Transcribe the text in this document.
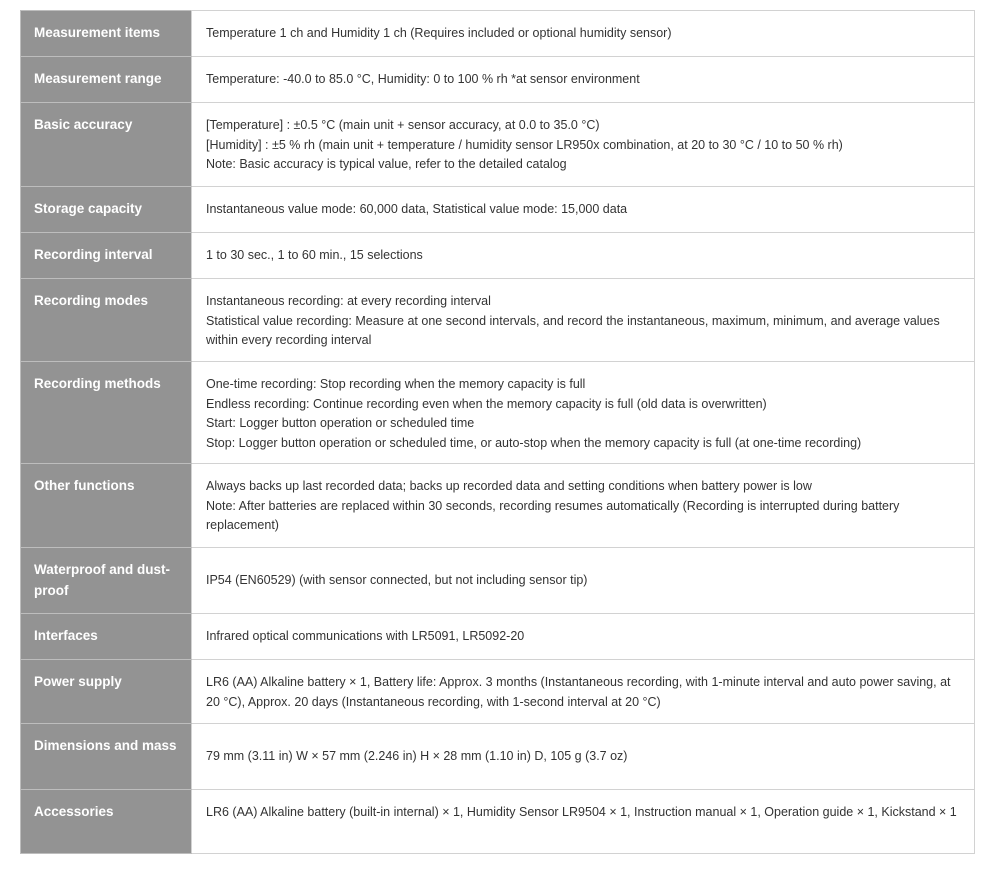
Measurement items	Temperature 1 ch and Humidity 1 ch (Requires included or optional humidity sensor)

Measurement range	Temperature: -40.0 to 85.0 °C, Humidity: 0 to 100 % rh *at sensor environment

Basic accuracy	[Temperature] : ±0.5 °C (main unit + sensor accuracy, at 0.0 to 35.0 °C)
[Humidity] : ±5 % rh (main unit + temperature / humidity sensor LR950x combination, at 20 to 30 °C / 10 to 50 % rh)
Note: Basic accuracy is typical value, refer to the detailed catalog

Storage capacity	Instantaneous value mode: 60,000 data, Statistical value mode: 15,000 data

Recording interval	1 to 30 sec., 1 to 60 min., 15 selections

Recording modes	Instantaneous recording: at every recording interval
Statistical value recording: Measure at one second intervals, and record the instantaneous, maximum, minimum, and average values within every recording interval

Recording methods	One-time recording: Stop recording when the memory capacity is full
Endless recording: Continue recording even when the memory capacity is full (old data is overwritten)
Start: Logger button operation or scheduled time
Stop: Logger button operation or scheduled time, or auto-stop when the memory capacity is full (at one-time recording)

Other functions	Always backs up last recorded data; backs up recorded data and setting conditions when battery power is low
Note: After batteries are replaced within 30 seconds, recording resumes automatically (Recording is interrupted during battery replacement)

Waterproof and dust-proof	IP54 (EN60529) (with sensor connected, but not including sensor tip)

Interfaces	Infrared optical communications with LR5091, LR5092-20

Power supply	LR6 (AA) Alkaline battery × 1, Battery life: Approx. 3 months (Instantaneous recording, with 1-minute interval and auto power saving, at 20 °C), Approx. 20 days (Instantaneous recording, with 1-second interval at 20 °C)

Dimensions and mass	79 mm (3.11 in) W × 57 mm (2.246 in) H × 28 mm (1.10 in) D, 105 g (3.7 oz)

Accessories	LR6 (AA) Alkaline battery (built-in internal) × 1, Humidity Sensor LR9504 × 1, Instruction manual × 1, Operation guide × 1, Kickstand × 1
